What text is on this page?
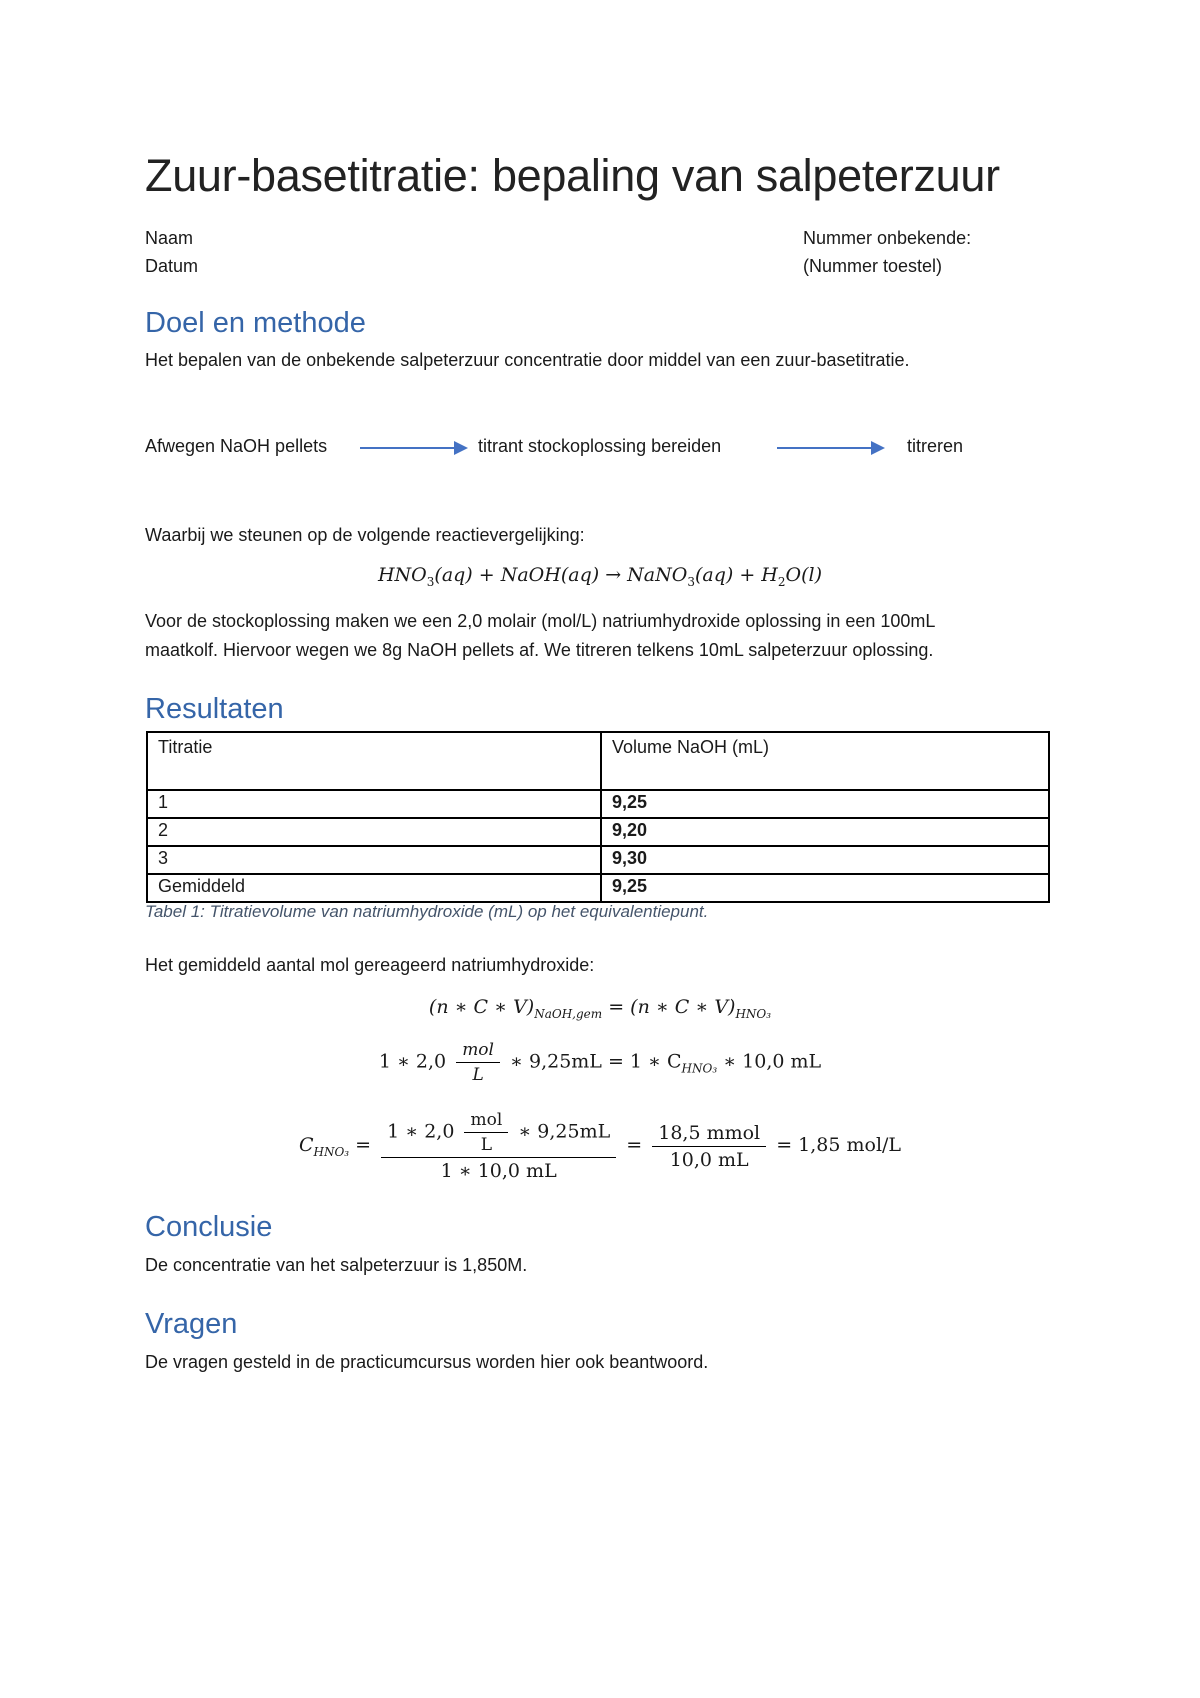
Zuur-basetitratie: bepaling van salpeterzuur
Naam
Datum
Nummer onbekende:
(Nummer toestel)
Doel en methode
Het bepalen van de onbekende salpeterzuur concentratie door middel van een zuur-basetitratie.
Afwegen NaOH pellets	titrant stockoplossing bereiden	titreren
Waarbij we steunen op de volgende reactievergelijking:
$HNO_3(aq)$ + NaOH(aq) → NaNO$_3$(aq) + $H_2O(l)$
Voor de stockoplossing maken we een 2,0 molair (mol/L) natriumhydroxide oplossing in een 100mL
maatkolf. Hiervoor wegen we 8g NaOH pellets af. We titreren telkens 10mL salpeterzuur oplossing.
Resultaten
Titratie	Volume NaOH (mL)
1	9,25
2	9,20
3	9,30
Gemiddeld	9,25
Tabel 1: Titratievolume van natriumhydroxide (mL) op het equivalentiepunt.
Het gemiddeld aantal mol gereageerd natriumhydroxide:
(n ∗ C ∗ $V)_{NaOH,gem} = (n$ ∗ C ∗ $V)_{HNO_3}$
1 ∗ $2,0 \frac{\text{mol}}{L}$ ∗ 9,25mL = 1 ∗ $C_{HNO_3}$ ∗ 10,0 mL
$C_{HNO_3} = \frac{1 ∗ 2,0 \frac{\text{mol}}{L} ∗ 9,25mL}{1 ∗ 10,0 mL} = \frac{\text{18,5 mmol}}{10,0 mL} = 1,85$ mol/L
Conclusie
De concentratie van het salpeterzuur is 1,850M.
Vragen
De vragen gesteld in de practicumcursus worden hier ook beantwoord.
